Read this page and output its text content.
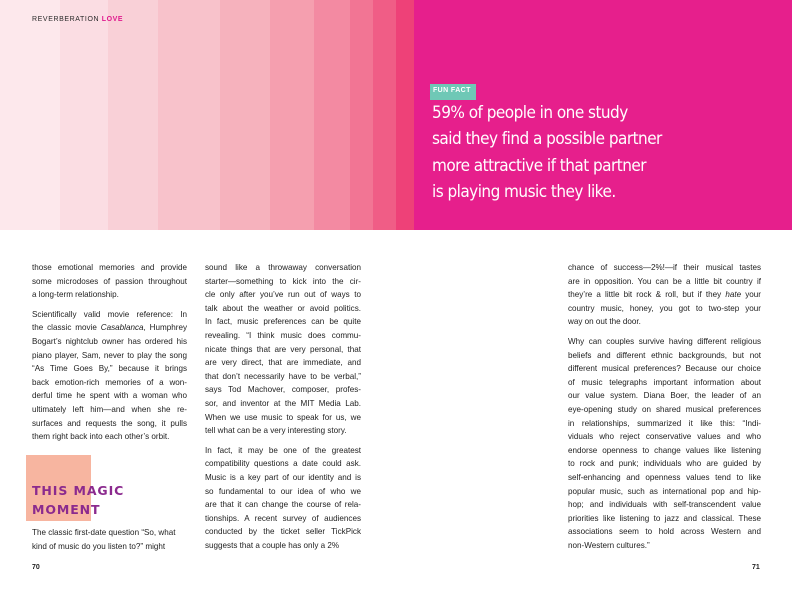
REVERBERATION LOVE
FUN FACT
59% of people in one study
said they find a possible partner
more attractive if that partner
is playing music they like.

those emotional memories and provide
some microdoses of passion throughout
a long-term relationship.

Scientifically valid movie reference: In
the classic movie Casablanca, Humphrey
Bogart’s nightclub owner has ordered his
piano player, Sam, never to play the song
“As Time Goes By,” because it brings
back emotion-rich memories of a won-
derful time he spent with a woman who
ultimately left him—and when she re-
surfaces and requests the song, it pulls
them right back into each other’s orbit.

THIS MAGIC
MOMENT
The classic first-date question “So, what
kind of music do you listen to?” might

sound like a throwaway conversation
starter—something to kick into the cir-
cle only after you’ve run out of ways to
talk about the weather or avoid politics.
In fact, music preferences can be quite
revealing. “I think music does commu-
nicate things that are very personal, that
are very direct, that are immediate, and
that don’t necessarily have to be verbal,”
says Tod Machover, composer, profes-
sor, and inventor at the MIT Media Lab.
When we use music to speak for us, we
tell what can be a very interesting story.

In fact, it may be one of the greatest
compatibility questions a date could ask.
Music is a key part of our identity and is
so fundamental to our idea of who we
are that it can change the course of rela-
tionships. A recent survey of audiences
conducted by the ticket seller TickPick
suggests that a couple has only a 2%

chance of success—2%!—if their musical tastes
are in opposition. You can be a little bit country if
they’re a little bit rock & roll, but if they hate your
country music, honey, you got to two-step your
way on out the door.

Why can couples survive having different religious
beliefs and different ethnic backgrounds, but not
different musical preferences? Because our choice
of music telegraphs important information about
our value system. Diana Boer, the leader of an
eye-opening study on shared musical preferences
in relationships, summarized it like this: “Indi-
viduals who reject conservative values and who
endorse openness to change values like listening
to rock and punk; individuals who are guided by
self-enhancing and openness values tend to like
popular music, such as international pop and hip-
hop; and individuals with self-transcendent value
priorities like listening to jazz and classical. These
associations seem to hold across Western and
non-Western cultures.”

70	71
